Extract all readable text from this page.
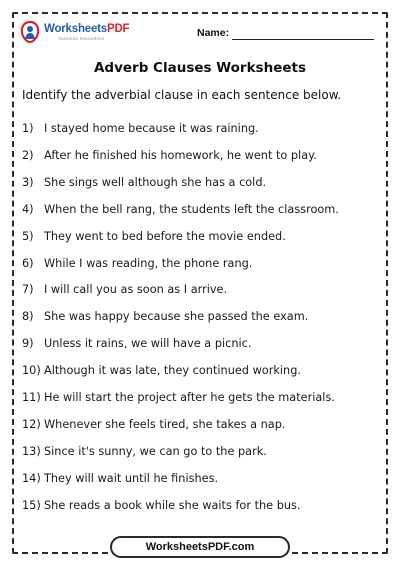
WorksheetsPDF
TEACHING RESOURCES	Name:
Adverb Clauses Worksheets
Identify the adverbial clause in each sentence below.
1) I stayed home because it was raining.
2) After he finished his homework, he went to play.
3) She sings well although she has a cold.
4) When the bell rang, the students left the classroom.
5) They went to bed before the movie ended.
6) While I was reading, the phone rang.
7) I will call you as soon as I arrive.
8) She was happy because she passed the exam.
9) Unless it rains, we will have a picnic.
10) Although it was late, they continued working.
11) He will start the project after he gets the materials.
12) Whenever she feels tired, she takes a nap.
13) Since it's sunny, we can go to the park.
14) They will wait until he finishes.
15) She reads a book while she waits for the bus.
WorksheetsPDF.com
